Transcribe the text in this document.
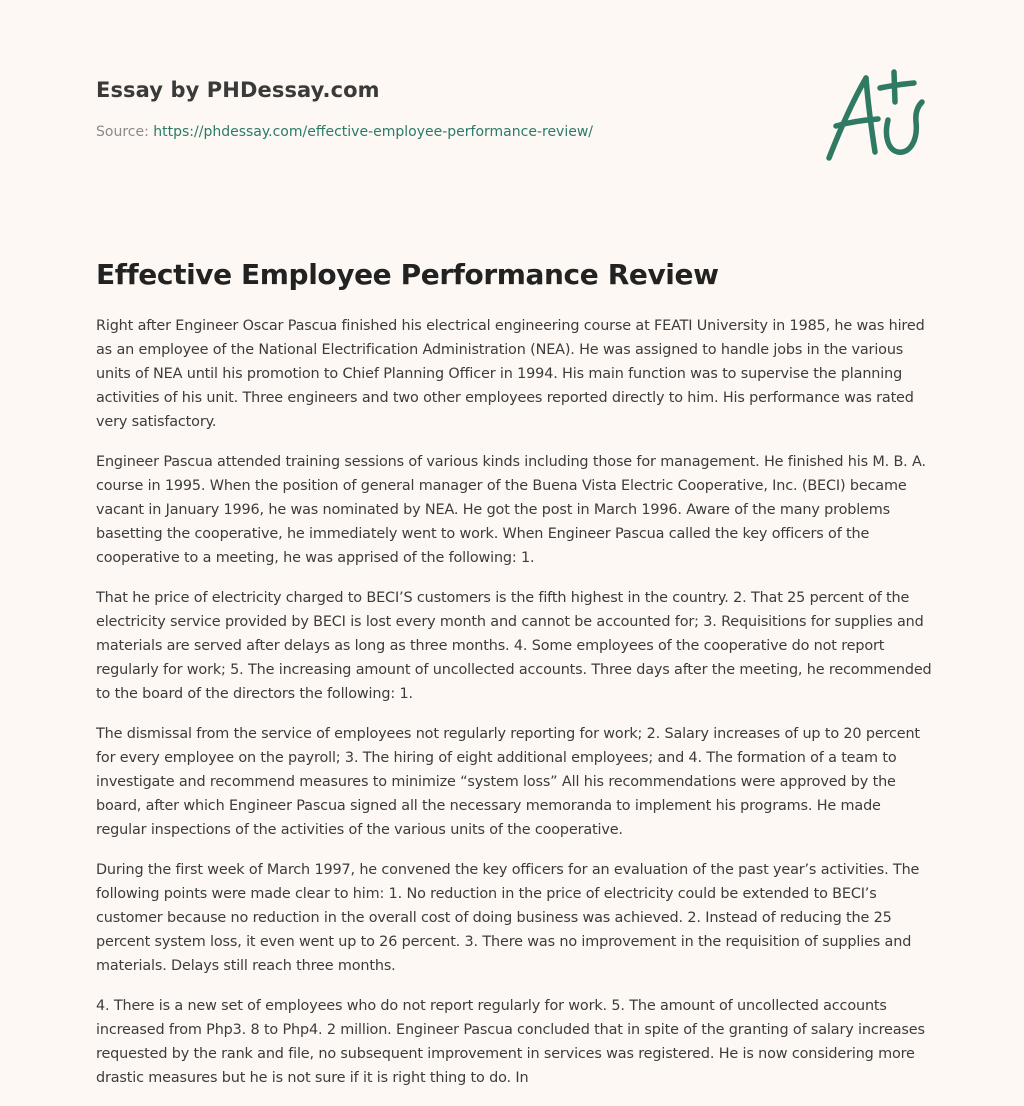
Essay by PHDessay.com
Source: https://phdessay.com/effective-employee-performance-review/
Effective Employee Performance Review

Right after Engineer Oscar Pascua finished his electrical engineering course at FEATI University in 1985, he was hired as an employee of the National Electrification Administration (NEA). He was assigned to handle jobs in the various units of NEA until his promotion to Chief Planning Officer in 1994. His main function was to supervise the planning activities of his unit. Three engineers and two other employees reported directly to him. His performance was rated very satisfactory.

Engineer Pascua attended training sessions of various kinds including those for management. He finished his M. B. A. course in 1995. When the position of general manager of the Buena Vista Electric Cooperative, Inc. (BECI) became vacant in January 1996, he was nominated by NEA. He got the post in March 1996. Aware of the many problems basetting the cooperative, he immediately went to work. When Engineer Pascua called the key officers of the cooperative to a meeting, he was apprised of the following: 1.

That he price of electricity charged to BECI’S customers is the fifth highest in the country. 2. That 25 percent of the electricity service provided by BECI is lost every month and cannot be accounted for; 3. Requisitions for supplies and materials are served after delays as long as three months. 4. Some employees of the cooperative do not report regularly for work; 5. The increasing amount of uncollected accounts. Three days after the meeting, he recommended to the board of the directors the following: 1.

The dismissal from the service of employees not regularly reporting for work; 2. Salary increases of up to 20 percent for every employee on the payroll; 3. The hiring of eight additional employees; and 4. The formation of a team to investigate and recommend measures to minimize “system loss” All his recommendations were approved by the board, after which Engineer Pascua signed all the necessary memoranda to implement his programs. He made regular inspections of the activities of the various units of the cooperative.

During the first week of March 1997, he convened the key officers for an evaluation of the past year’s activities. The following points were made clear to him: 1. No reduction in the price of electricity could be extended to BECI’s customer because no reduction in the overall cost of doing business was achieved. 2. Instead of reducing the 25 percent system loss, it even went up to 26 percent. 3. There was no improvement in the requisition of supplies and materials. Delays still reach three months.

4. There is a new set of employees who do not report regularly for work. 5. The amount of uncollected accounts increased from Php3. 8 to Php4. 2 million. Engineer Pascua concluded that in spite of the granting of salary increases requested by the rank and file, no subsequent improvement in services was registered. He is now considering more drastic measures but he is not sure if it is right thing to do. In
